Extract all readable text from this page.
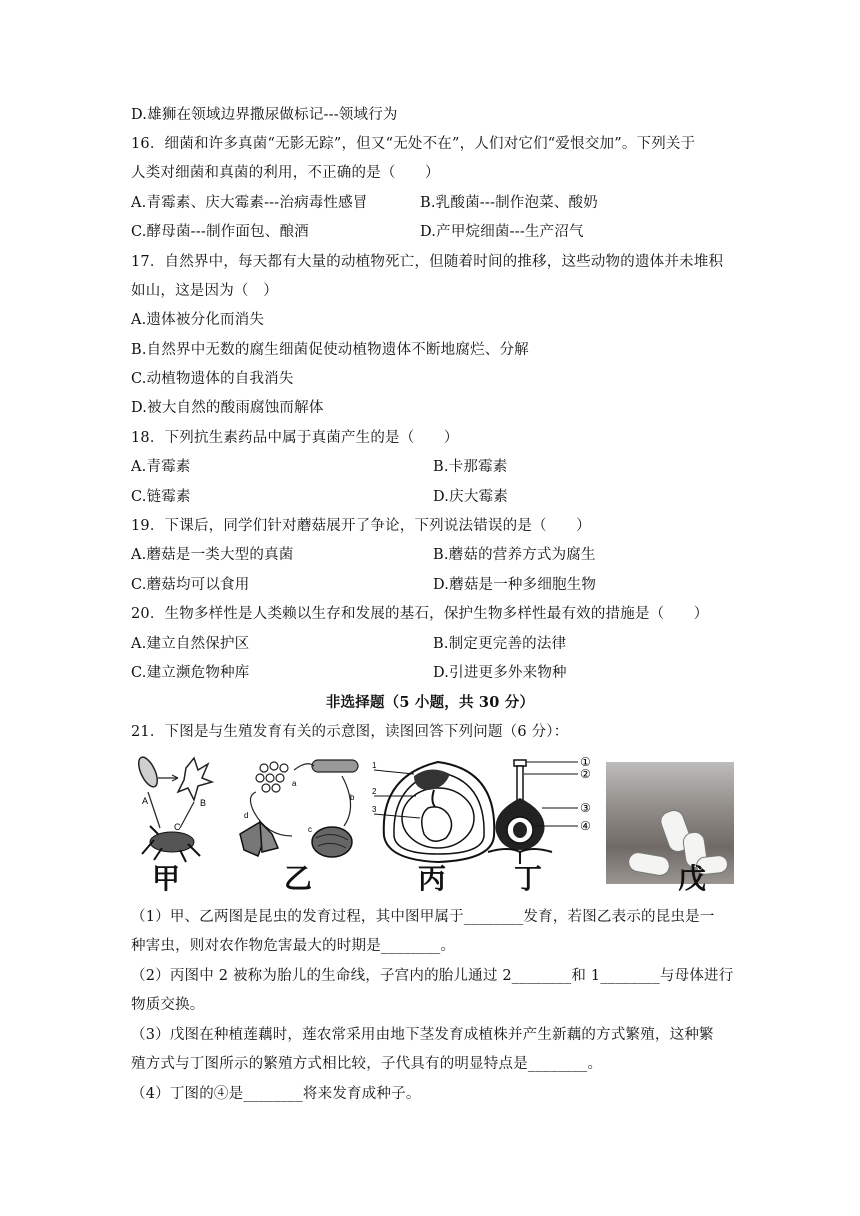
D.雄狮在领域边界撒尿做标记---领域行为
16．细菌和许多真菌“无影无踪”，但又“无处不在”，人们对它们“爱恨交加”。下列关于
人类对细菌和真菌的利用，不正确的是（　　）
A.青霉素、庆大霉素---治病毒性感冒	B.乳酸菌---制作泡菜、酸奶
C.酵母菌---制作面包、酿酒	D.产甲烷细菌---生产沼气
17．自然界中，每天都有大量的动植物死亡，但随着时间的推移，这些动物的遗体并未堆积
如山，这是因为（　）
A.遗体被分化而消失
B.自然界中无数的腐生细菌促使动植物遗体不断地腐烂、分解
C.动植物遗体的自我消失
D.被大自然的酸雨腐蚀而解体
18．下列抗生素药品中属于真菌产生的是（　　）
A.青霉素	B.卡那霉素
C.链霉素	D.庆大霉素
19．下课后，同学们针对蘑菇展开了争论，下列说法错误的是（　　）
A.蘑菇是一类大型的真菌	B.蘑菇的营养方式为腐生
C.蘑菇均可以食用	D.蘑菇是一种多细胞生物
20．生物多样性是人类赖以生存和发展的基石，保护生物多样性最有效的措施是（　　）
A.建立自然保护区	B.制定更完善的法律
C.建立濒危物种库	D.引进更多外来物种
非选择题（5 小题，共 30 分）
21．下图是与生殖发育有关的示意图，读图回答下列问题（6 分）：
A	B
C
甲
a
b
c
d
乙
1
2
3
丙
①
②
③
④
丁	戊
（1）甲、乙两图是昆虫的发育过程，其中图甲属于________发育，若图乙表示的昆虫是一
种害虫，则对农作物危害最大的时期是________。
（2）丙图中 2 被称为胎儿的生命线，子宫内的胎儿通过 2________和 1________与母体进行
物质交换。
（3）戊图在种植莲藕时，莲农常采用由地下茎发育成植株并产生新藕的方式繁殖，这种繁
殖方式与丁图所示的繁殖方式相比较，子代具有的明显特点是________。
（4）丁图的④是________将来发育成种子。
